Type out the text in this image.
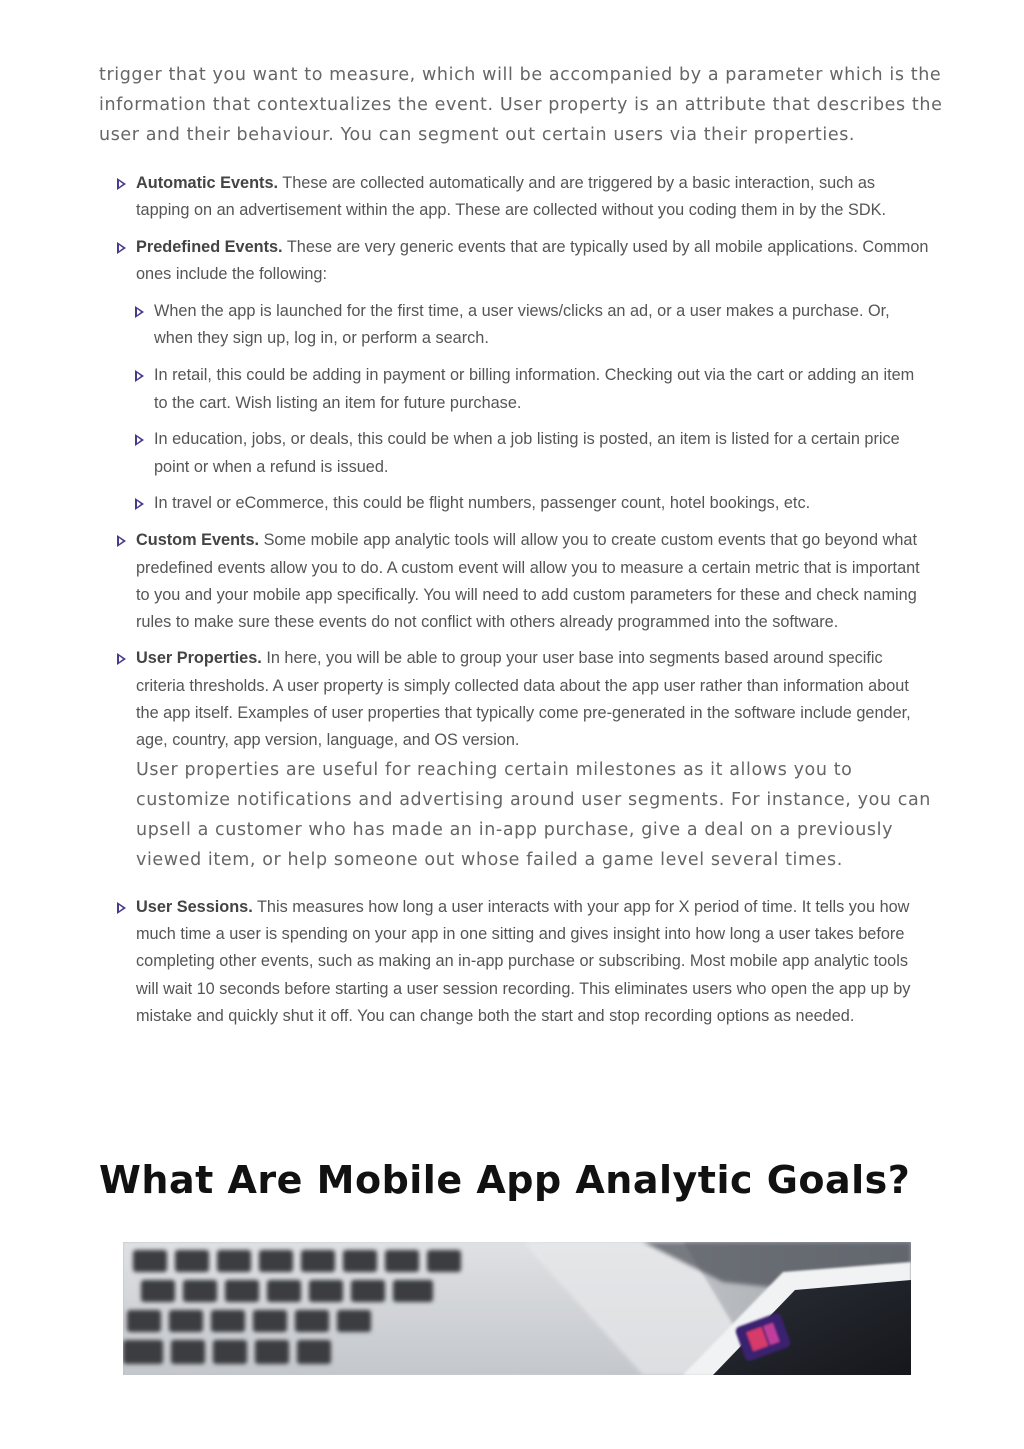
trigger that you want to measure, which will be accompanied by a parameter which is the information that contextualizes the event. User property is an attribute that describes the user and their behaviour. You can segment out certain users via their properties.

Automatic Events. These are collected automatically and are triggered by a basic interaction, such as tapping on an advertisement within the app. These are collected without you coding them in by the SDK.
Predefined Events. These are very generic events that are typically used by all mobile applications. Common ones include the following:
When the app is launched for the first time, a user views/clicks an ad, or a user makes a purchase. Or, when they sign up, log in, or perform a search.
In retail, this could be adding in payment or billing information. Checking out via the cart or adding an item to the cart. Wish listing an item for future purchase.
In education, jobs, or deals, this could be when a job listing is posted, an item is listed for a certain price point or when a refund is issued.
In travel or eCommerce, this could be flight numbers, passenger count, hotel bookings, etc.
Custom Events. Some mobile app analytic tools will allow you to create custom events that go beyond what predefined events allow you to do. A custom event will allow you to measure a certain metric that is important to you and your mobile app specifically. You will need to add custom parameters for these and check naming rules to make sure these events do not conflict with others already programmed into the software.
User Properties. In here, you will be able to group your user base into segments based around specific criteria thresholds. A user property is simply collected data about the app user rather than information about the app itself. Examples of user properties that typically come pre-generated in the software include gender, age, country, app version, language, and OS version.

User properties are useful for reaching certain milestones as it allows you to customize notifications and advertising around user segments. For instance, you can upsell a customer who has made an in-app purchase, give a deal on a previously viewed item, or help someone out whose failed a game level several times.

User Sessions. This measures how long a user interacts with your app for X period of time. It tells you how much time a user is spending on your app in one sitting and gives insight into how long a user takes before completing other events, such as making an in-app purchase or subscribing. Most mobile app analytic tools will wait 10 seconds before starting a user session recording. This eliminates users who open the app up by mistake and quickly shut it off. You can change both the start and stop recording options as needed.
What Are Mobile App Analytic Goals?
